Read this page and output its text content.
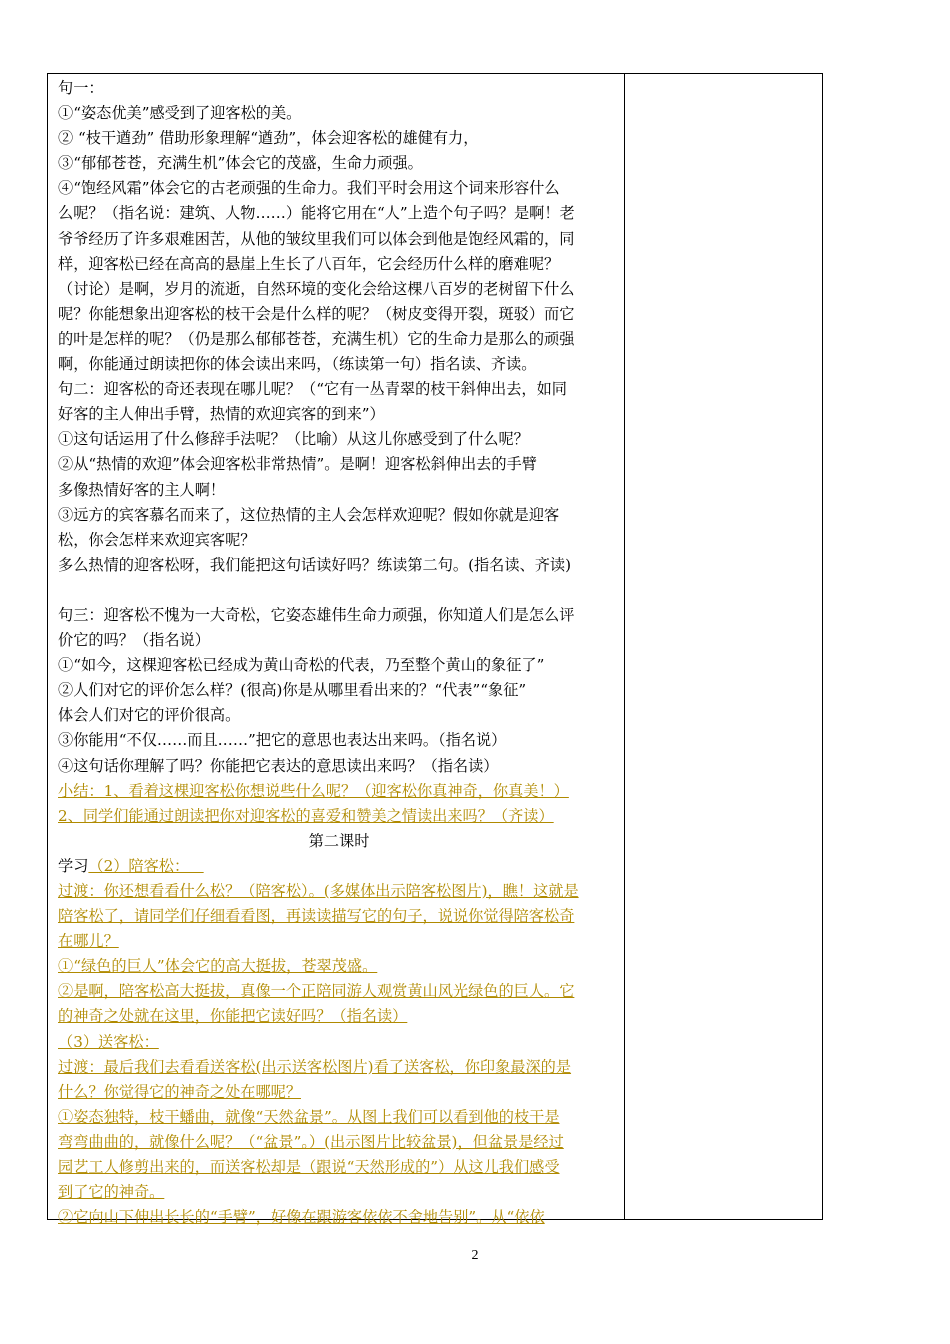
句一：
①“姿态优美”感受到了迎客松的美。
② “枝干遒劲” 借助形象理解“遒劲”，体会迎客松的雄健有力，
③“郁郁苍苍，充满生机”体会它的茂盛，生命力顽强。
④“饱经风霜”体会它的古老顽强的生命力。我们平时会用这个词来形容什么
么呢？（指名说：建筑、人物……）能将它用在“人”上造个句子吗？是啊！老
爷爷经历了许多艰难困苦，从他的皱纹里我们可以体会到他是饱经风霜的，同
样，迎客松已经在高高的悬崖上生长了八百年，它会经历什么样的磨难呢？
（讨论）是啊，岁月的流逝，自然环境的变化会给这棵八百岁的老树留下什么
呢？你能想象出迎客松的枝干会是什么样的呢？（树皮变得开裂，斑驳）而它
的叶是怎样的呢？（仍是那么郁郁苍苍，充满生机）它的生命力是那么的顽强
啊，你能通过朗读把你的体会读出来吗，（练读第一句）指名读、齐读。
句二：迎客松的奇还表现在哪儿呢？（“它有一丛青翠的枝干斜伸出去，如同
好客的主人伸出手臂，热情的欢迎宾客的到来”）
①这句话运用了什么修辞手法呢？（比喻）从这儿你感受到了什么呢？
②从“热情的欢迎”体会迎客松非常热情”。是啊！迎客松斜伸出去的手臂
多像热情好客的主人啊！
③远方的宾客慕名而来了，这位热情的主人会怎样欢迎呢？假如你就是迎客
松，你会怎样来欢迎宾客呢？
多么热情的迎客松呀，我们能把这句话读好吗？练读第二句。(指名读、齐读)
句三：迎客松不愧为一大奇松，它姿态雄伟生命力顽强，你知道人们是怎么评
价它的吗？（指名说）
①“如今，这棵迎客松已经成为黄山奇松的代表，乃至整个黄山的象征了”
②人们对它的评价怎么样？(很高)你是从哪里看出来的？“代表”“象征”
体会人们对它的评价很高。
③你能用“不仅……而且……”把它的意思也表达出来吗。（指名说）
④这句话你理解了吗？你能把它表达的意思读出来吗？（指名读）
小结：1、看着这棵迎客松你想说些什么呢？（迎客松你真神奇，你真美！）
2、同学们能通过朗读把你对迎客松的喜爱和赞美之情读出来吗？（齐读）
第二课时
学习（2）陪客松：
过渡：你还想看看什么松？（陪客松）。(多媒体出示陪客松图片)，瞧！这就是
陪客松了，请同学们仔细看看图，再读读描写它的句子，说说你觉得陪客松奇
在哪儿？
①“绿色的巨人”体会它的高大挺拔，苍翠茂盛。
②是啊，陪客松高大挺拔，真像一个正陪同游人观赏黄山风光绿色的巨人。它
的神奇之处就在这里，你能把它读好吗？（指名读）
（3）送客松：
过渡：最后我们去看看送客松(出示送客松图片)看了送客松，你印象最深的是
什么？你觉得它的神奇之处在哪呢？
①姿态独特，枝干蟠曲，就像“天然盆景”。从图上我们可以看到他的枝干是
弯弯曲曲的，就像什么呢？（“盆景”。）(出示图片比较盆景)，但盆景是经过
园艺工人修剪出来的，而送客松却是（跟说“天然形成的”）从这儿我们感受
到了它的神奇。
②它向山下伸出长长的“手臂”，好像在跟游客依依不舍地告别”。从“依依
2
